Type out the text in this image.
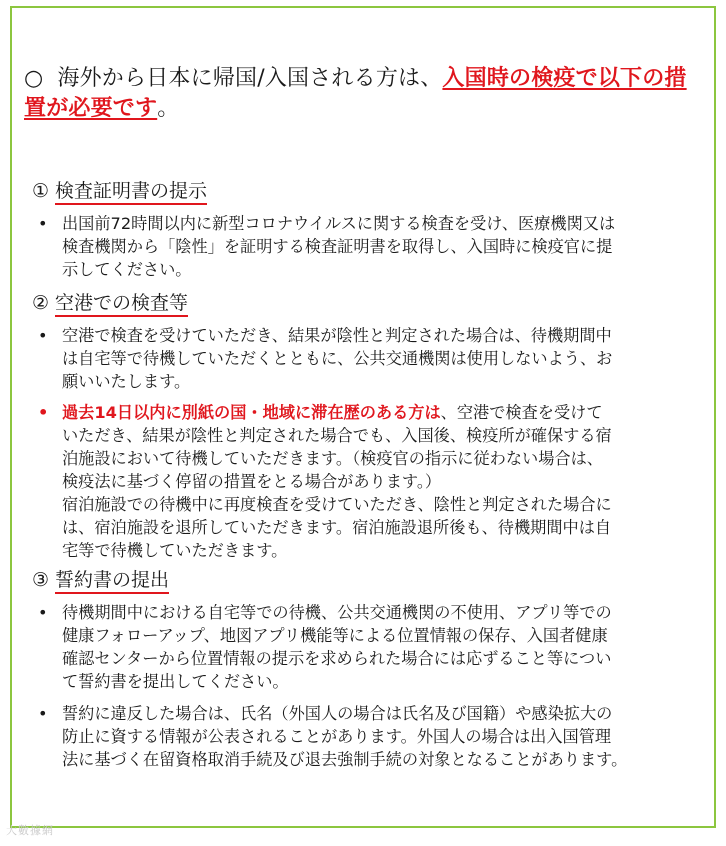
○ 海外から日本に帰国/入国される方は、入国時の検疫で以下の措置が必要です。
① 検査証明書の提示
• 出国前72時間以内に新型コロナウイルスに関する検査を受け、医療機関又は
検査機関から「陰性」を証明する検査証明書を取得し、入国時に検疫官に提
示してください。
② 空港での検査等
• 空港で検査を受けていただき、結果が陰性と判定された場合は、待機期間中
は自宅等で待機していただくとともに、公共交通機関は使用しないよう、お
願いいたします。
• 過去14日以内に別紙の国・地域に滞在歴のある方は、空港で検査を受けて
いただき、結果が陰性と判定された場合でも、入国後、検疫所が確保する宿
泊施設において待機していただきます。（検疫官の指示に従わない場合は、
検疫法に基づく停留の措置をとる場合があります。）
宿泊施設での待機中に再度検査を受けていただき、陰性と判定された場合に
は、宿泊施設を退所していただきます。宿泊施設退所後も、待機期間中は自
宅等で待機していただきます。
③ 誓約書の提出
• 待機期間中における自宅等での待機、公共交通機関の不使用、アプリ等での
健康フォローアップ、地図アプリ機能等による位置情報の保存、入国者健康
確認センターから位置情報の提示を求められた場合には応ずること等につい
て誓約書を提出してください。
• 誓約に違反した場合は、氏名（外国人の場合は氏名及び国籍）や感染拡大の
防止に資する情報が公表されることがあります。外国人の場合は出入国管理
法に基づく在留資格取消手続及び退去強制手続の対象となることがあります。
大數據網
